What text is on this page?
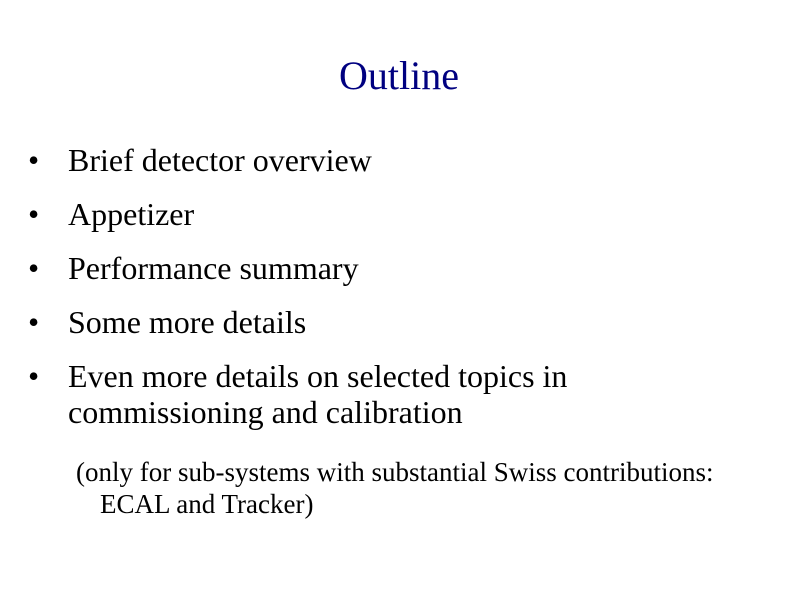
Outline
• Brief detector overview
• Appetizer
• Performance summary
• Some more details
• Even more details on selected topics in commissioning and calibration
(only for sub-systems with substantial Swiss contributions: ECAL and Tracker)
